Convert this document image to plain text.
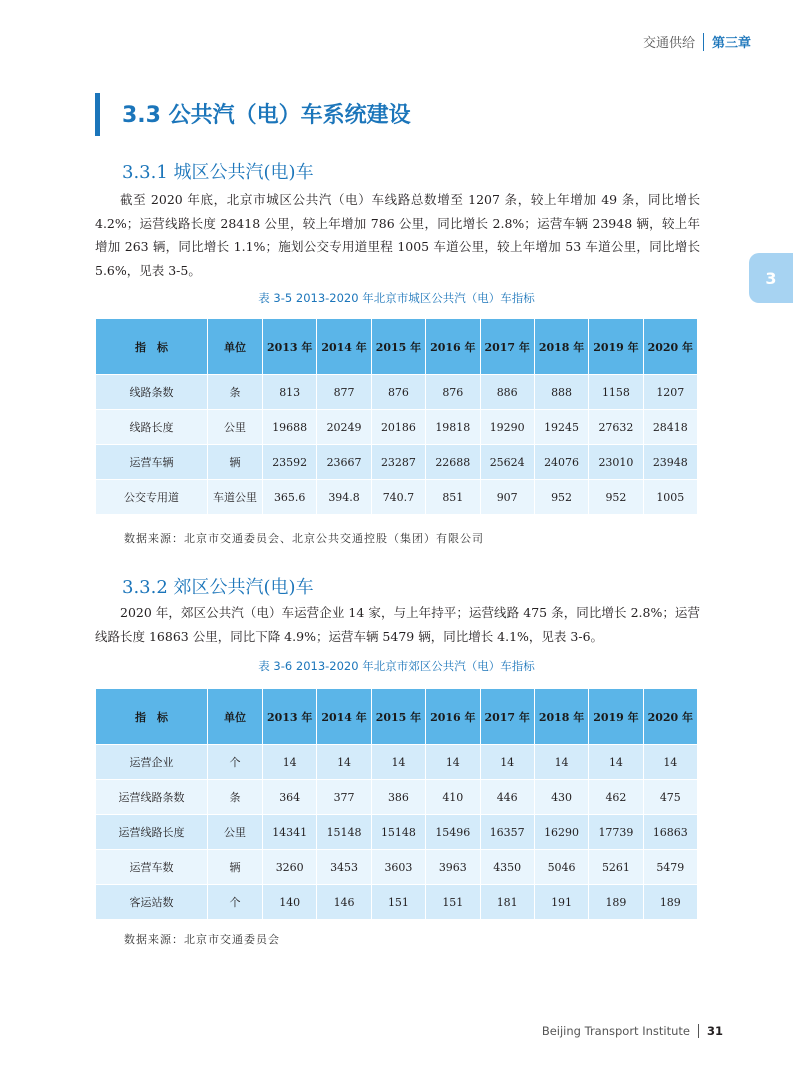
交通供给	第三章
3.3 公共汽（电）车系统建设
3
3.3.1 城区公共汽(电)车

截至 2020 年底，北京市城区公共汽（电）车线路总数增至 1207 条，较上年增加 49 条，同比增长 4.2%；运营线路长度 28418 公里，较上年增加 786 公里，同比增长 2.8%；运营车辆 23948 辆，较上年增加 263 辆，同比增长 1.1%；施划公交专用道里程 1005 车道公里，较上年增加 53 车道公里，同比增长 5.6%，见表 3-5。

表 3-5 2013-2020 年北京市城区公共汽（电）车指标
指　标	单位	2013 年	2014 年	2015 年	2016 年	2017 年	2018 年	2019 年	2020 年
线路条数	条	813	877	876	876	886	888	1158	1207
线路长度	公里	19688	20249	20186	19818	19290	19245	27632	28418
运营车辆	辆	23592	23667	23287	22688	25624	24076	23010	23948
公交专用道	车道公里	365.6	394.8	740.7	851	907	952	952	1005
数据来源：北京市交通委员会、北京公共交通控股（集团）有限公司
3.3.2 郊区公共汽(电)车

2020 年，郊区公共汽（电）车运营企业 14 家，与上年持平；运营线路 475 条，同比增长 2.8%；运营线路长度 16863 公里，同比下降 4.9%；运营车辆 5479 辆，同比增长 4.1%，见表 3-6。

表 3-6 2013-2020 年北京市郊区公共汽（电）车指标
指　标	单位	2013 年	2014 年	2015 年	2016 年	2017 年	2018 年	2019 年	2020 年
运营企业	个	14	14	14	14	14	14	14	14
运营线路条数	条	364	377	386	410	446	430	462	475
运营线路长度	公里	14341	15148	15148	15496	16357	16290	17739	16863
运营车数	辆	3260	3453	3603	3963	4350	5046	5261	5479
客运站数	个	140	146	151	151	181	191	189	189
数据来源：北京市交通委员会
Beijing Transport Institute 31
